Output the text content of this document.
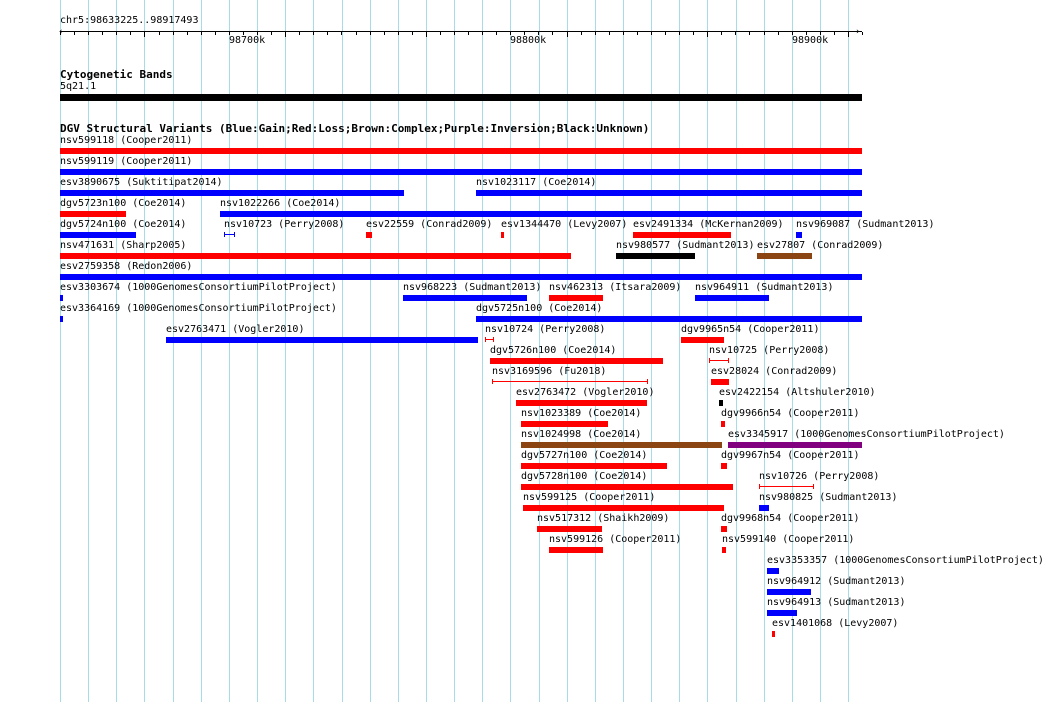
chr5:98633225..98917493
‹	›
98700k	98800k	98900k
Cytogenetic Bands
5q21.1
DGV Structural Variants (Blue:Gain;Red:Loss;Brown:Complex;Purple:Inversion;Black:Unknown)
nsv599118 (Cooper2011)
nsv599119 (Cooper2011)
esv3890675 (Suktitipat2014)	nsv1023117 (Coe2014)
dgv5723n100 (Coe2014)	nsv1022266 (Coe2014)
dgv5724n100 (Coe2014)	nsv10723 (Perry2008) esv22559 (Conrad2009) esv1344470 (Levy2007) esv2491334 (McKernan2009) nsv969087 (Sudmant2013)
nsv471631 (Sharp2005)	nsv980577 (Sudmant2013) esv27807 (Conrad2009)
esv2759358 (Redon2006)
esv3303674 (1000GenomesConsortiumPilotProject)	nsv968223 (Sudmant2013) nsv462313 (Itsara2009) nsv964911 (Sudmant2013)
esv3364169 (1000GenomesConsortiumPilotProject)	dgv5725n100 (Coe2014)
esv2763471 (Vogler2010)	nsv10724 (Perry2008)	dgv9965n54 (Cooper2011)
dgv5726n100 (Coe2014)	nsv10725 (Perry2008)
nsv3169596 (Fu2018)	esv28024 (Conrad2009)
esv2763472 (Vogler2010)	esv2422154 (Altshuler2010)
nsv1023389 (Coe2014)	dgv9966n54 (Cooper2011)
nsv1024998 (Coe2014)	esv3345917 (1000GenomesConsortiumPilotProject)
dgv5727n100 (Coe2014)	dgv9967n54 (Cooper2011)
dgv5728n100 (Coe2014)	nsv10726 (Perry2008)
nsv599125 (Cooper2011)	nsv980825 (Sudmant2013)
nsv517312 (Shaikh2009)	dgv9968n54 (Cooper2011)
nsv599126 (Cooper2011)	nsv599140 (Cooper2011)
esv3353357 (1000GenomesConsortiumPilotProject)
nsv964912 (Sudmant2013)
nsv964913 (Sudmant2013)
esv1401068 (Levy2007)
